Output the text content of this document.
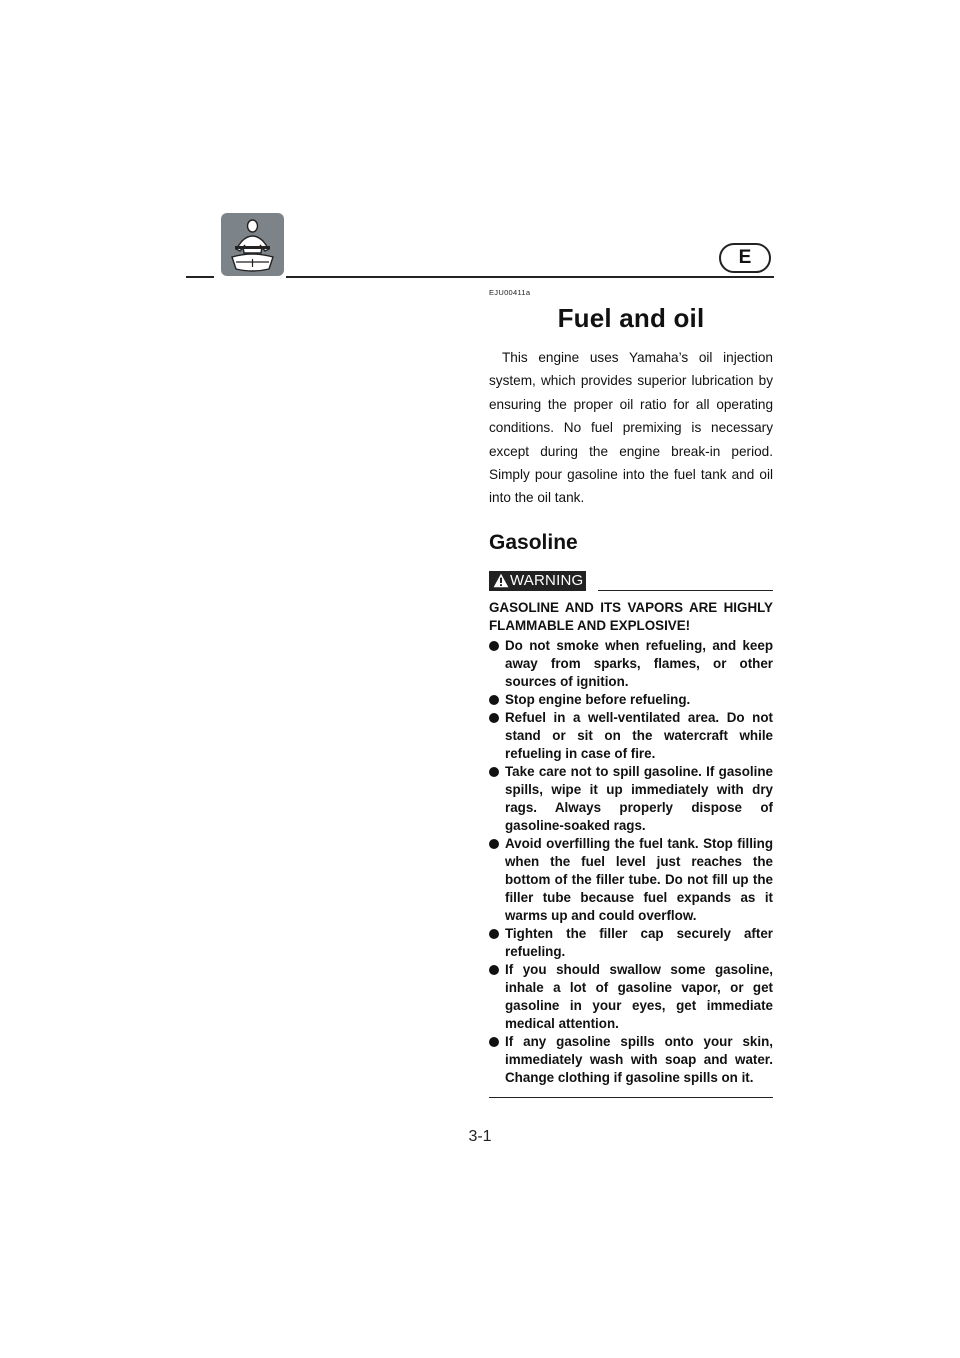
E
EJU00411a
Fuel and oil

This engine uses Yamaha’s oil injection system, which provides superior lubrication by ensuring the proper oil ratio for all operating conditions. No fuel premixing is necessary except during the engine break-in period. Simply pour gasoline into the fuel tank and oil into the oil tank.

Gasoline
WARNING
GASOLINE AND ITS VAPORS ARE HIGHLY FLAMMABLE AND EXPLOSIVE!
Do not smoke when refueling, and keep away from sparks, flames, or other sources of ignition.
Stop engine before refueling.
Refuel in a well-ventilated area. Do not stand or sit on the watercraft while refueling in case of fire.
Take care not to spill gasoline. If gasoline spills, wipe it up immediately with dry rags. Always properly dispose of gasoline-soaked rags.
Avoid overfilling the fuel tank. Stop filling when the fuel level just reaches the bottom of the filler tube. Do not fill up the filler tube because fuel expands as it warms up and could overflow.
Tighten the filler cap securely after refueling.
If you should swallow some gasoline, inhale a lot of gasoline vapor, or get gasoline in your eyes, get immediate medical attention.
If any gasoline spills onto your skin, immediately wash with soap and water. Change clothing if gasoline spills on it.
3-1
